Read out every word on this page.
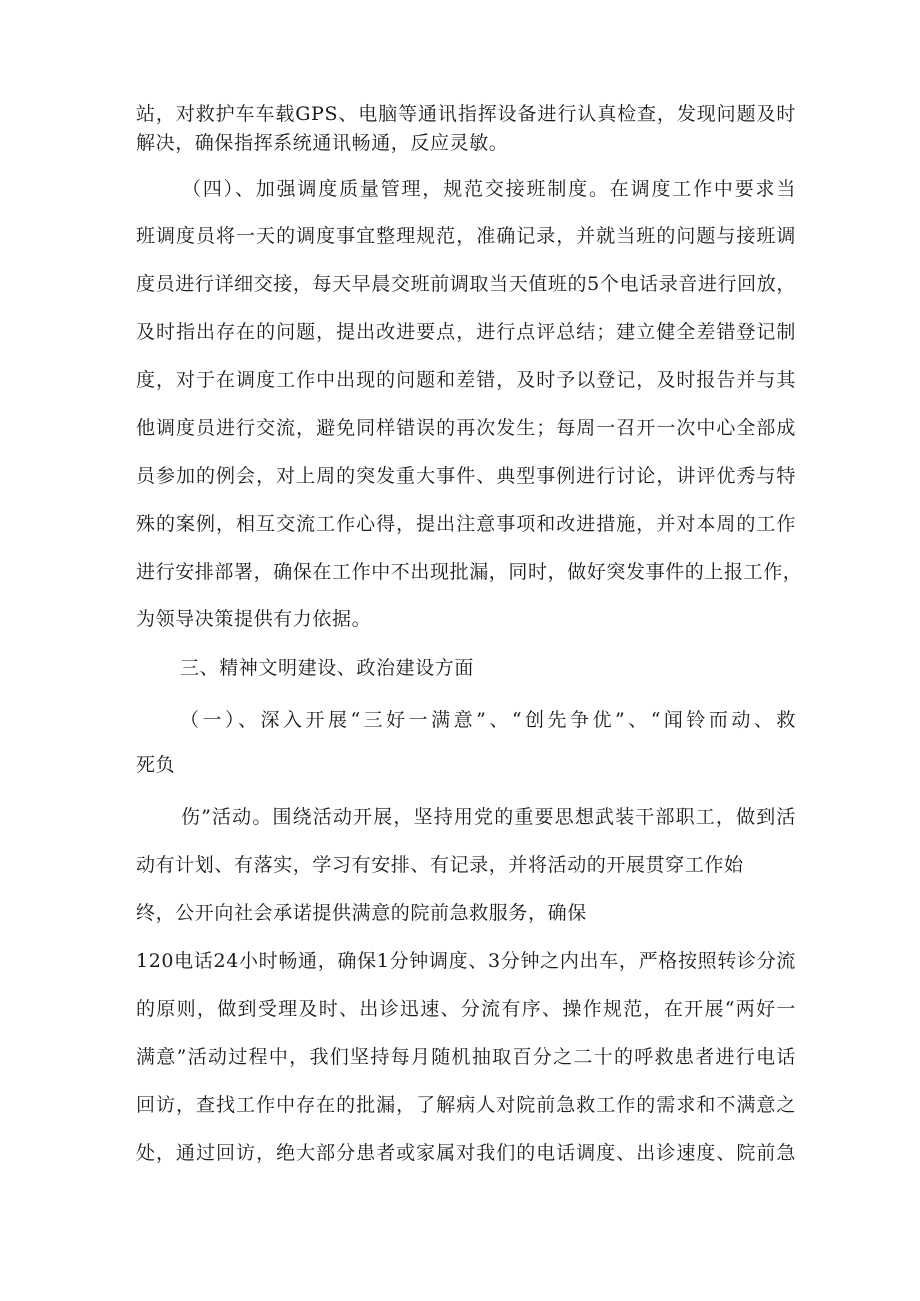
站，对救护车车载GPS、电脑等通讯指挥设备进行认真检查，发现问题及时
解决，确保指挥系统通讯畅通，反应灵敏。
（四）、加强调度质量管理，规范交接班制度。在调度工作中要求当
班调度员将一天的调度事宜整理规范，准确记录，并就当班的问题与接班调
度员进行详细交接，每天早晨交班前调取当天值班的5个电话录音进行回放，
及时指出存在的问题，提出改进要点，进行点评总结；建立健全差错登记制
度，对于在调度工作中出现的问题和差错，及时予以登记，及时报告并与其
他调度员进行交流，避免同样错误的再次发生；每周一召开一次中心全部成
员参加的例会，对上周的突发重大事件、典型事例进行讨论，讲评优秀与特
殊的案例，相互交流工作心得，提出注意事项和改进措施，并对本周的工作
进行安排部署，确保在工作中不出现批漏，同时，做好突发事件的上报工作，
为领导决策提供有力依据。
三、精神文明建设、政治建设方面
（一）、深入开展“三好一满意”、“创先争优”、“闻铃而动、救
死负
伤”活动。围绕活动开展，坚持用党的重要思想武装干部职工，做到活
动有计划、有落实，学习有安排、有记录，并将活动的开展贯穿工作始
终，公开向社会承诺提供满意的院前急救服务，确保
120电话24小时畅通，确保1分钟调度、3分钟之内出车，严格按照转诊分流
的原则，做到受理及时、出诊迅速、分流有序、操作规范，在开展“两好一
满意”活动过程中，我们坚持每月随机抽取百分之二十的呼救患者进行电话
回访，查找工作中存在的批漏，了解病人对院前急救工作的需求和不满意之
处，通过回访，绝大部分患者或家属对我们的电话调度、出诊速度、院前急
